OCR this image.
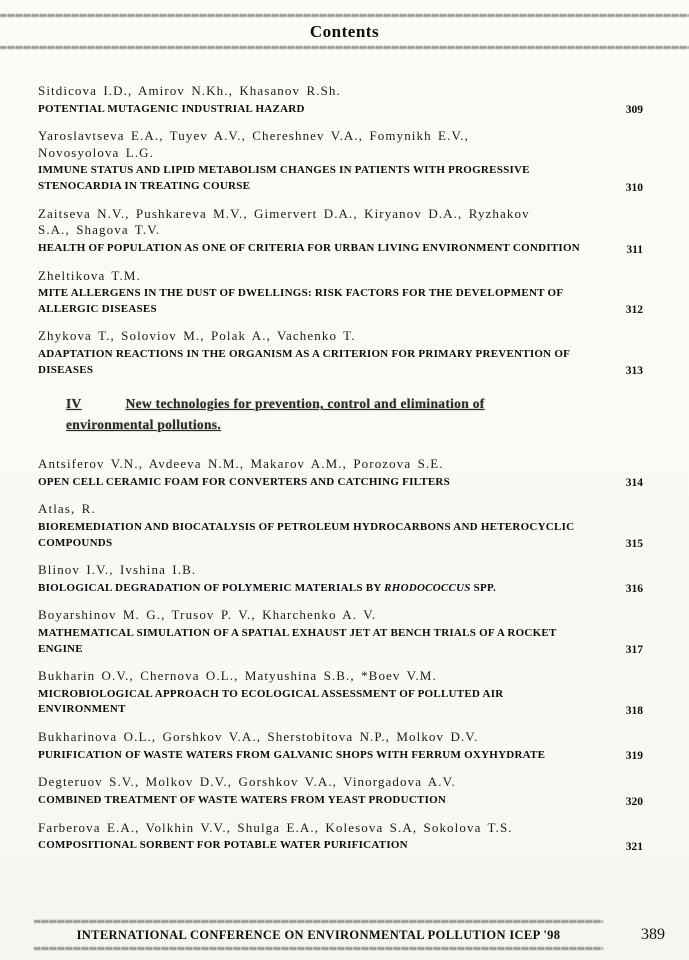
Contents
Sitdicova I.D., Amirov N.Kh., Khasanov R.Sh.
POTENTIAL MUTAGENIC INDUSTRIAL HAZARD	309
Yaroslavtseva E.A., Tuyev A.V., Chereshnev V.A., Fomynikh E.V., Novosyolova L.G.
IMMUNE STATUS AND LIPID METABOLISM CHANGES IN PATIENTS WITH PROGRESSIVE STENOCARDIA IN TREATING COURSE	310
Zaitseva N.V., Pushkareva M.V., Gimervert D.A., Kiryanov D.A., Ryzhakov S.A., Shagova T.V.
HEALTH OF POPULATION AS ONE OF CRITERIA FOR URBAN LIVING ENVIRONMENT CONDITION	311
Zheltikova T.M.
MITE ALLERGENS IN THE DUST OF DWELLINGS: RISK FACTORS FOR THE DEVELOPMENT OF ALLERGIC DISEASES	312
Zhykova T., Soloviov M., Polak A., Vachenko T.
ADAPTATION REACTIONS IN THE ORGANISM AS A CRITERION FOR PRIMARY PREVENTION OF DISEASES	313
IV	New technologies for prevention, control and elimination of environmental pollutions.
Antsiferov V.N., Avdeeva N.M., Makarov A.M., Porozova S.E.
OPEN CELL CERAMIC FOAM FOR CONVERTERS AND CATCHING FILTERS	314
Atlas, R.
BIOREMEDIATION AND BIOCATALYSIS OF PETROLEUM HYDROCARBONS AND HETEROCYCLIC COMPOUNDS	315
Blinov I.V., Ivshina I.B.
BIOLOGICAL DEGRADATION OF POLYMERIC MATERIALS BY RHODOCOCCUS SPP.	316
Boyarshinov M. G., Trusov P. V., Kharchenko A. V.
MATHEMATICAL SIMULATION OF A SPATIAL EXHAUST JET AT BENCH TRIALS OF A ROCKET ENGINE	317
Bukharin O.V., Chernova O.L., Matyushina S.B., *Boev V.M.
MICROBIOLOGICAL APPROACH TO ECOLOGICAL ASSESSMENT OF POLLUTED AIR ENVIRONMENT	318
Bukharinova O.L., Gorshkov V.A., Sherstobitova N.P., Molkov D.V.
PURIFICATION OF WASTE WATERS FROM GALVANIC SHOPS WITH FERRUM OXYHYDRATE	319
Degteruov S.V., Molkov D.V., Gorshkov V.A., Vinorgadova A.V.
COMBINED TREATMENT OF WASTE WATERS FROM YEAST PRODUCTION	320
Farberova E.A., Volkhin V.V., Shulga E.A., Kolesova S.A, Sokolova T.S.
COMPOSITIONAL SORBENT FOR POTABLE WATER PURIFICATION	321
INTERNATIONAL CONFERENCE ON ENVIRONMENTAL POLLUTION ICEP '98	389
